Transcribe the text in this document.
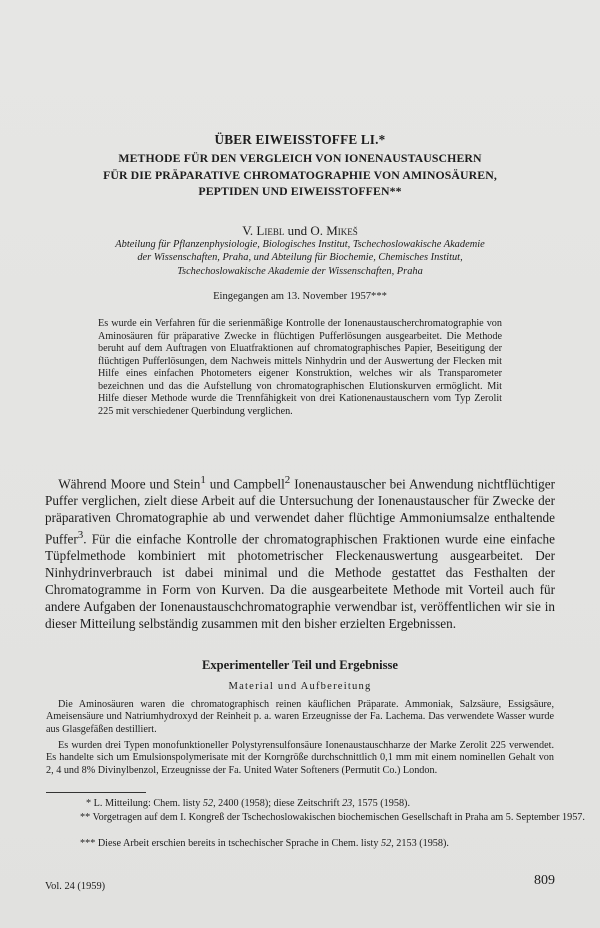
ÜBER EIWEISSTOFFE LI.*
METHODE FÜR DEN VERGLEICH VON IONENAUSTAUSCHERN
FÜR DIE PRÄPARATIVE CHROMATOGRAPHIE VON AMINOSÄUREN,
PEPTIDEN UND EIWEISSTOFFEN**
V. Liebl und O. Mikeš
Abteilung für Pflanzenphysiologie, Biologisches Institut, Tschechoslowakische Akademie
der Wissenschaften, Praha, und Abteilung für Biochemie, Chemisches Institut,
Tschechoslowakische Akademie der Wissenschaften, Praha
Eingegangen am 13. November 1957***
Es wurde ein Verfahren für die serienmäßige Kontrolle der Ionenaustauscherchromatographie von Aminosäuren für präparative Zwecke in flüchtigen Pufferlösungen ausgearbeitet. Die Methode beruht auf dem Auftragen von Eluatfraktionen auf chromatographisches Papier, Beseitigung der flüchtigen Pufferlösungen, dem Nachweis mittels Ninhydrin und der Auswertung der Flecken mit Hilfe eines einfachen Photometers eigener Konstruktion, welches wir als Transparometer bezeichnen und das die Aufstellung von chromatographischen Elutionskurven ermöglicht. Mit Hilfe dieser Methode wurde die Trennfähigkeit von drei Kationenaustauschern vom Typ Zerolit 225 mit verschiedener Querbindung verglichen.
 Während Moore und Stein$^1$ und Campbell$^2$ Ionenaustauscher bei Anwendung nichtflüchtiger Puffer verglichen, zielt diese Arbeit auf die Untersuchung der Ionenaustauscher für Zwecke der präparativen Chromatographie ab und verwendet daher flüchtige Ammoniumsalze enthaltende Puffer$^3$. Für die einfache Kontrolle der chromatographischen Fraktionen wurde eine einfache Tüpfelmethode kombiniert mit photometrischer Fleckenauswertung ausgearbeitet. Der Ninhydrinverbrauch ist dabei minimal und die Methode gestattet das Festhalten der Chromatogramme in Form von Kurven. Da die ausgearbeitete Methode mit Vorteil auch für andere Aufgaben der Ionenaustauschchromatographie verwendbar ist, veröffentlichen wir sie in dieser Mitteilung selbständig zusammen mit den bisher erzielten Ergebnissen.
Experimenteller Teil und Ergebnisse
Material und Aufbereitung
Die Aminosäuren waren die chromatographisch reinen käuflichen Präparate. Ammoniak, Salzsäure, Essigsäure, Ameisensäure und Natriumhydroxyd der Reinheit p. a. waren Erzeugnisse der Fa. Lachema. Das verwendete Wasser wurde aus Glasgefäßen destilliert.
Es wurden drei Typen monofunktioneller Polystyrensulfonsäure Ionenaustauschharze der Marke Zerolit 225 verwendet. Es handelte sich um Emulsionspolymerisate mit der Korngröße durchschnittlich 0,1 mm mit einem nominellen Gehalt von 2, 4 und 8% Divinylbenzol, Erzeugnisse der Fa. United Water Softeners (Permutit Co.) London.
* L. Mitteilung: Chem. listy 52, 2400 (1958); diese Zeitschrift 23, 1575 (1958).
** Vorgetragen auf dem I. Kongreß der Tschechoslowakischen biochemischen Gesellschaft in Praha am 5. September 1957.
*** Diese Arbeit erschien bereits in tschechischer Sprache in Chem. listy 52, 2153 (1958).
Vol. 24 (1959)	809
